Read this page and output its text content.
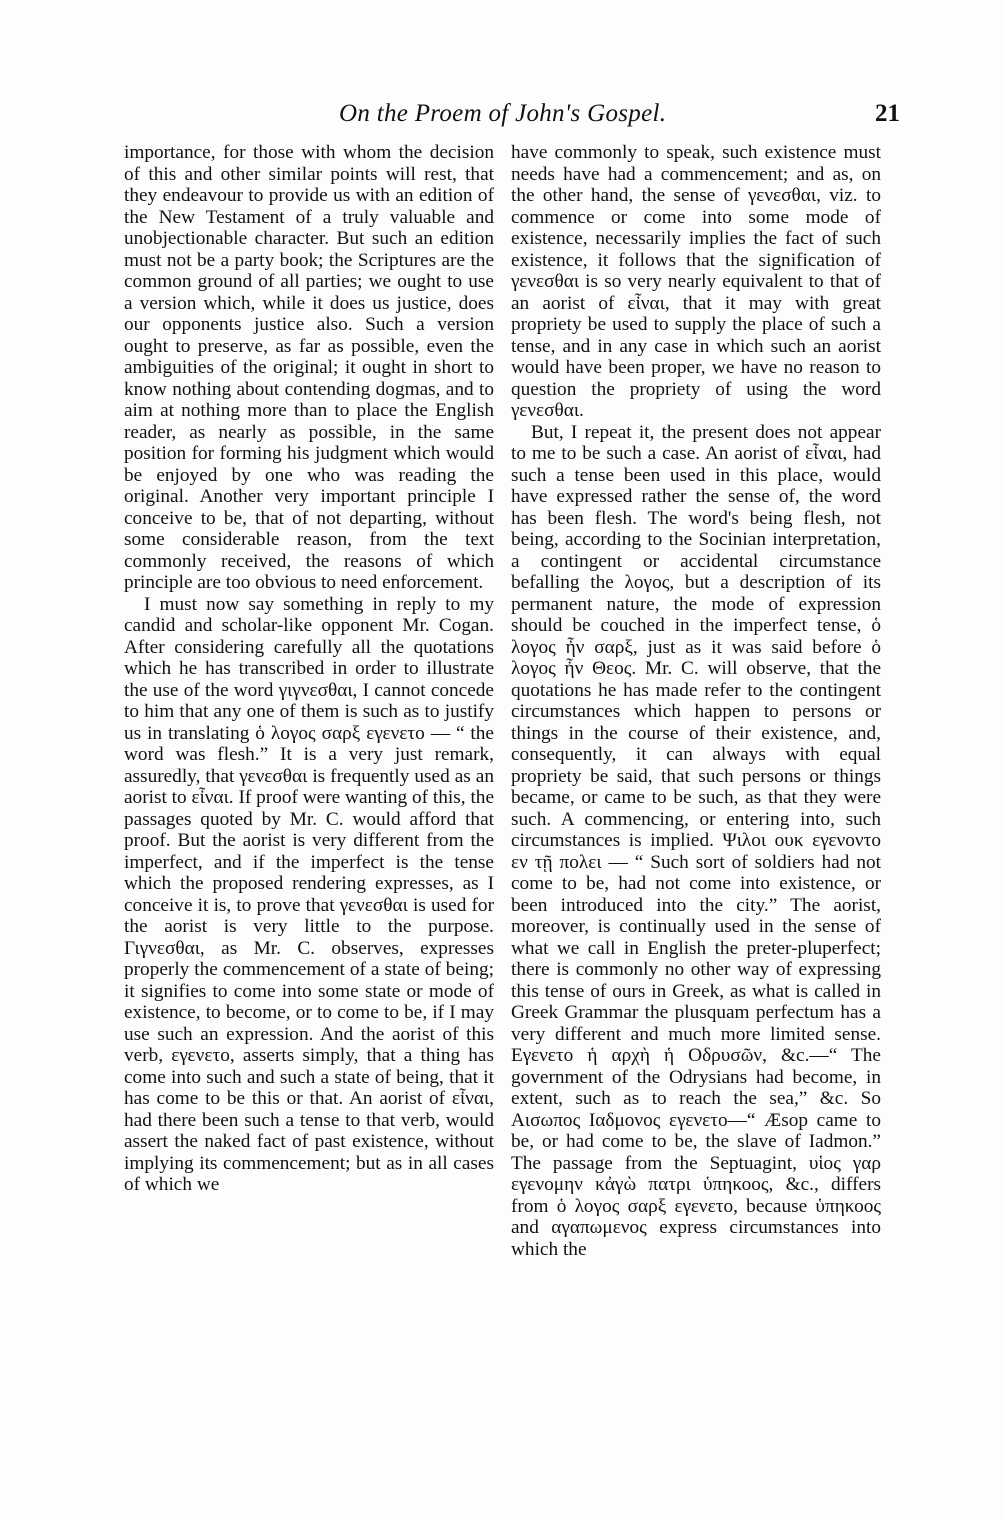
On the Proem of John's Gospel.	21

importance, for those with whom the decision of this and other similar points will rest, that they endeavour to provide us with an edition of the New Testament of a truly valuable and unobjectionable character. But such an edition must not be a party book; the Scriptures are the common ground of all parties; we ought to use a version which, while it does us justice, does our opponents justice also. Such a version ought to preserve, as far as possible, even the ambiguities of the original; it ought in short to know nothing about contending dogmas, and to aim at nothing more than to place the English reader, as nearly as possible, in the same position for forming his judgment which would be enjoyed by one who was reading the original. Another very important principle I conceive to be, that of not departing, without some considerable reason, from the text commonly received, the reasons of which principle are too obvious to need enforcement.

I must now say something in reply to my candid and scholar-like opponent Mr. Cogan. After considering carefully all the quotations which he has transcribed in order to illustrate the use of the word γιγνεσθαι, I cannot concede to him that any one of them is such as to justify us in translating ὁ λογος σαρξ εγενετο — “ the word was flesh.” It is a very just remark, assuredly, that γενεσθαι is frequently used as an aorist to εἶναι. If proof were wanting of this, the passages quoted by Mr. C. would afford that proof. But the aorist is very different from the imperfect, and if the imperfect is the tense which the proposed rendering expresses, as I conceive it is, to prove that γενεσθαι is used for the aorist is very little to the purpose. Γιγνεσθαι, as Mr. C. observes, expresses properly the commencement of a state of being; it signifies to come into some state or mode of existence, to become, or to come to be, if I may use such an expression. And the aorist of this verb, εγενετο, asserts simply, that a thing has come into such and such a state of being, that it has come to be this or that. An aorist of εἶναι, had there been such a tense to that verb, would assert the naked fact of past existence, without implying its commencement; but as in all cases of which we

have commonly to speak, such existence must needs have had a commencement; and as, on the other hand, the sense of γενεσθαι, viz. to commence or come into some mode of existence, necessarily implies the fact of such existence, it follows that the signification of γενεσθαι is so very nearly equivalent to that of an aorist of εἶναι, that it may with great propriety be used to supply the place of such a tense, and in any case in which such an aorist would have been proper, we have no reason to question the propriety of using the word γενεσθαι.

But, I repeat it, the present does not appear to me to be such a case. An aorist of εἶναι, had such a tense been used in this place, would have expressed rather the sense of, the word has been flesh. The word's being flesh, not being, according to the Socinian interpretation, a contingent or accidental circumstance befalling the λογος, but a description of its permanent nature, the mode of expression should be couched in the imperfect tense, ὁ λογος ἦν σαρξ, just as it was said before ὁ λογος ἦν Θεος. Mr. C. will observe, that the quotations he has made refer to the contingent circumstances which happen to persons or things in the course of their existence, and, consequently, it can always with equal propriety be said, that such persons or things became, or came to be such, as that they were such. A commencing, or entering into, such circumstances is implied. Ψιλοι ουκ εγενοντο εν τῇ πολει — “ Such sort of soldiers had not come to be, had not come into existence, or been introduced into the city.” The aorist, moreover, is continually used in the sense of what we call in English the preter-pluperfect; there is commonly no other way of expressing this tense of ours in Greek, as what is called in Greek Grammar the plusquam perfectum has a very different and much more limited sense. Εγενετο ἡ αρχὴ ἡ Οδρυσῶν, &c.—“ The government of the Odrysians had become, in extent, such as to reach the sea,” &c. So Αισωπος Ιαδμονος εγενετο—“ Æsop came to be, or had come to be, the slave of Iadmon.” The passage from the Septuagint, υἱος γαρ εγενομην κἀγὼ πατρι ὑπηκοος, &c., differs from ὁ λογος σαρξ εγενετο, because ὑπηκοος and αγαπωμενος express circumstances into which the
